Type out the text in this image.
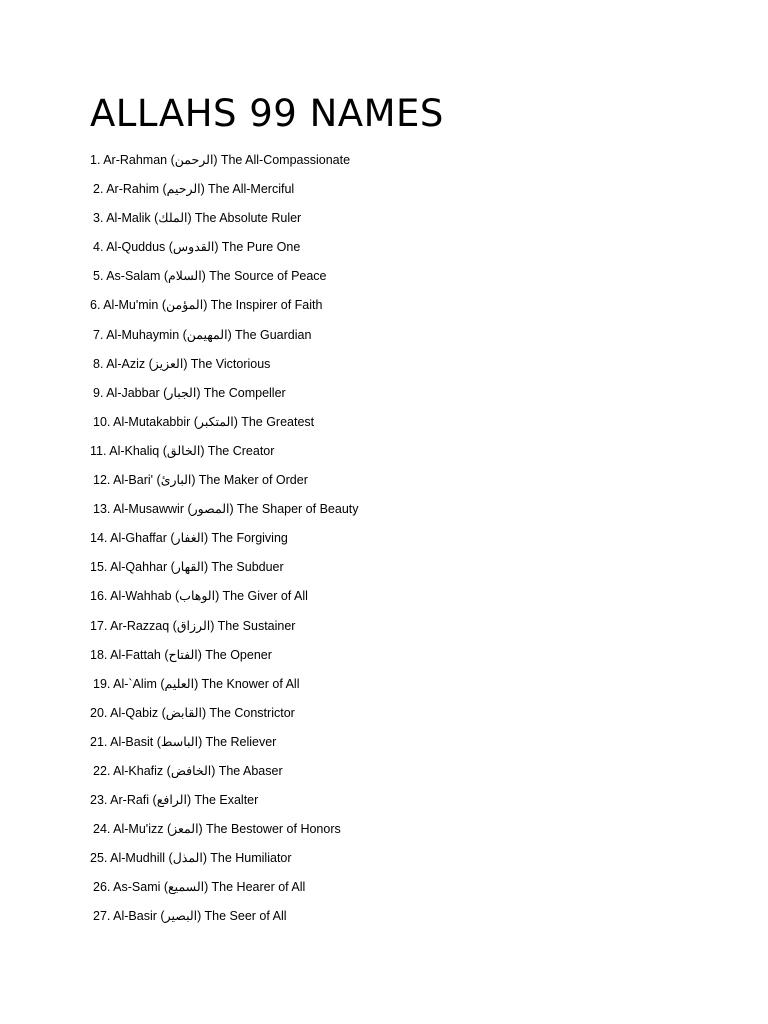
ALLAHS 99 NAMES
1. Ar-Rahman (الرحمن) The All-Compassionate
2. Ar-Rahim (الرحيم) The All-Merciful
3. Al-Malik (الملك) The Absolute Ruler
4. Al-Quddus (القدوس) The Pure One
5. As-Salam (السلام) The Source of Peace
6. Al-Mu'min (المؤمن) The Inspirer of Faith
7. Al-Muhaymin (المهيمن) The Guardian
8. Al-Aziz (العزيز) The Victorious
9. Al-Jabbar (الجبار) The Compeller
10. Al-Mutakabbir (المتكبر) The Greatest
11. Al-Khaliq (الخالق) The Creator
12. Al-Bari' (البارئ) The Maker of Order
13. Al-Musawwir (المصور) The Shaper of Beauty
14. Al-Ghaffar (الغفار) The Forgiving
15. Al-Qahhar (القهار) The Subduer
16. Al-Wahhab (الوهاب) The Giver of All
17. Ar-Razzaq (الرزاق) The Sustainer
18. Al-Fattah (الفتاح) The Opener
19. Al-`Alim (العليم) The Knower of All
20. Al-Qabiz (القابض) The Constrictor
21. Al-Basit (الباسط) The Reliever
22. Al-Khafiz (الخافض) The Abaser
23. Ar-Rafi (الرافع) The Exalter
24. Al-Mu'izz (المعز) The Bestower of Honors
25. Al-Mudhill (المذل) The Humiliator
26. As-Sami (السميع) The Hearer of All
27. Al-Basir (البصير) The Seer of All
